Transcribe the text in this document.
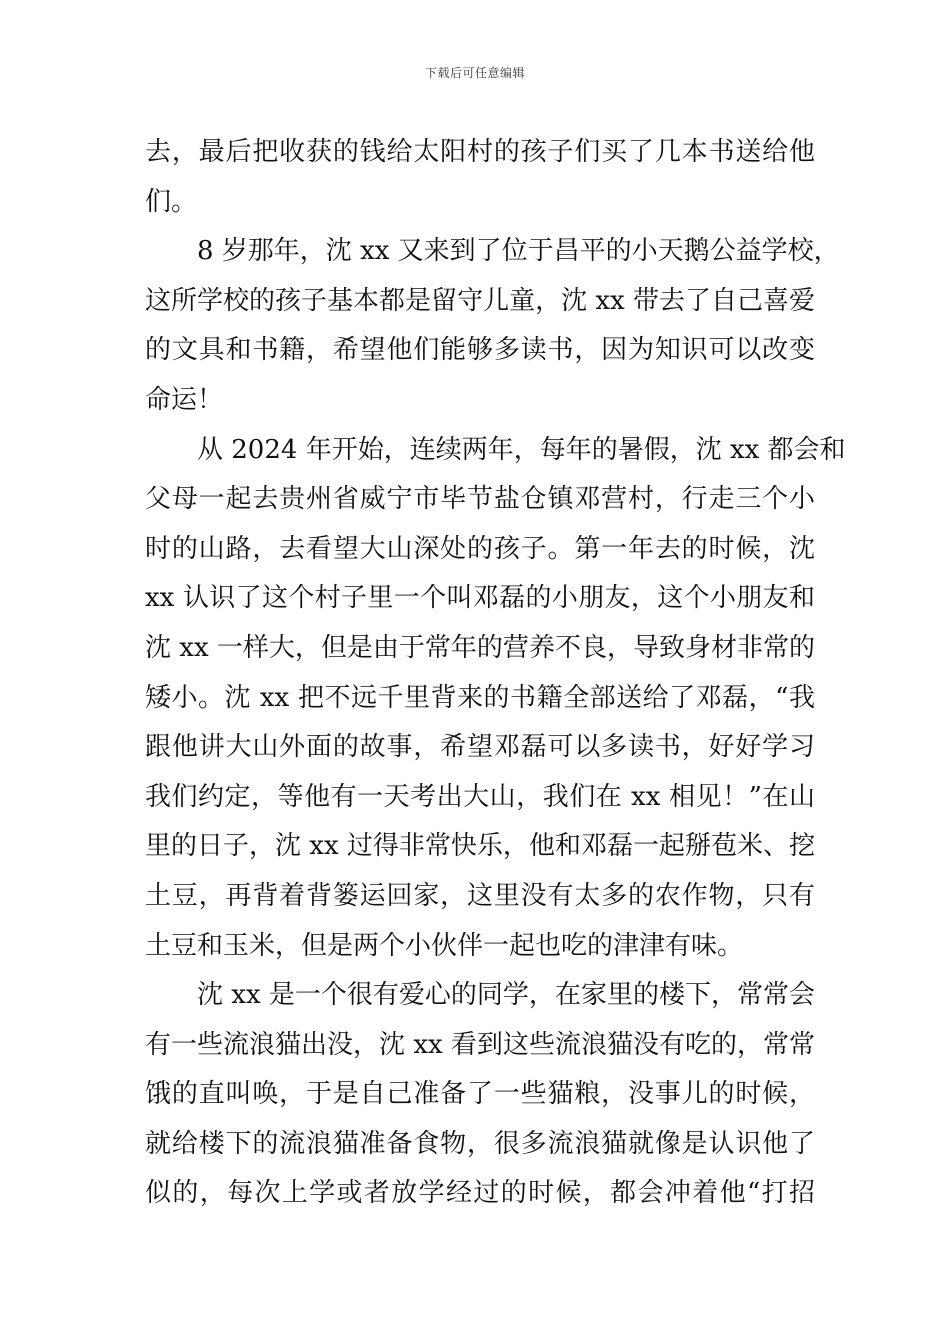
下载后可任意编辑
去，最后把收获的钱给太阳村的孩子们买了几本书送给他
们。
8 岁那年，沈 xx 又来到了位于昌平的小天鹅公益学校，
这所学校的孩子基本都是留守儿童，沈 xx 带去了自己喜爱
的文具和书籍，希望他们能够多读书，因为知识可以改变
命运！
从 2024 年开始，连续两年，每年的暑假，沈 xx 都会和
父母一起去贵州省威宁市毕节盐仓镇邓营村，行走三个小
时的山路，去看望大山深处的孩子。第一年去的时候，沈
xx 认识了这个村子里一个叫邓磊的小朋友，这个小朋友和
沈 xx 一样大，但是由于常年的营养不良，导致身材非常的
矮小。沈 xx 把不远千里背来的书籍全部送给了邓磊，“我
跟他讲大山外面的故事，希望邓磊可以多读书，好好学习
我们约定，等他有一天考出大山，我们在 xx 相见！”在山
里的日子，沈 xx 过得非常快乐，他和邓磊一起掰苞米、挖
土豆，再背着背篓运回家，这里没有太多的农作物，只有
土豆和玉米，但是两个小伙伴一起也吃的津津有味。
沈 xx 是一个很有爱心的同学，在家里的楼下，常常会
有一些流浪猫出没，沈 xx 看到这些流浪猫没有吃的，常常
饿的直叫唤，于是自己准备了一些猫粮，没事儿的时候，
就给楼下的流浪猫准备食物，很多流浪猫就像是认识他了
似的，每次上学或者放学经过的时候，都会冲着他“打招
